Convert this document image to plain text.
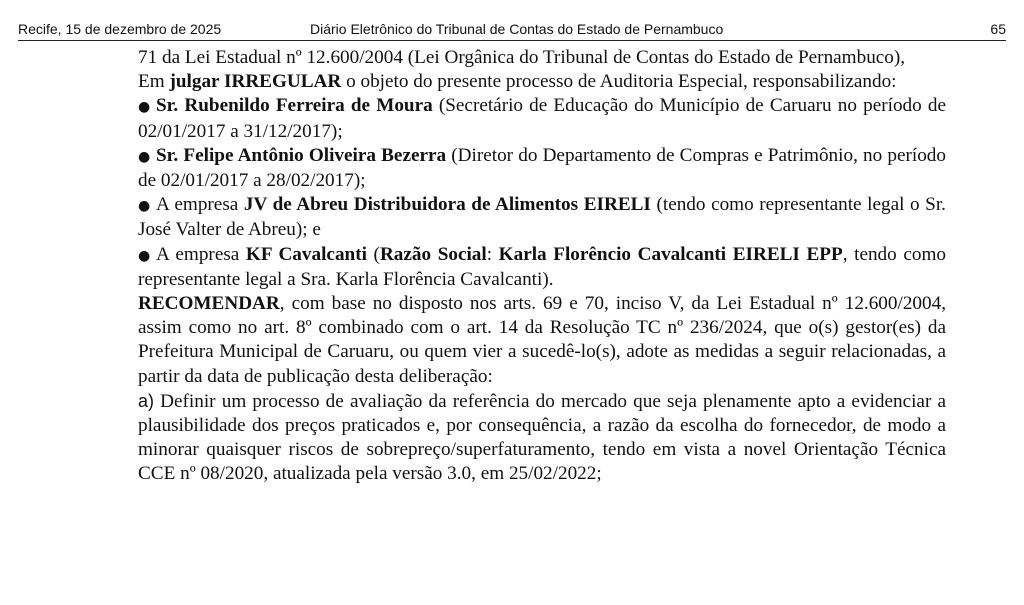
Recife, 15 de dezembro de 2025	Diário Eletrônico do Tribunal de Contas do Estado de Pernambuco	65

71 da Lei Estadual nº 12.600/2004 (Lei Orgânica do Tribunal de Contas do Estado de Pernambuco),

Em julgar IRREGULAR o objeto do presente processo de Auditoria Especial, responsabilizando:

● Sr. Rubenildo Ferreira de Moura (Secretário de Educação do Município de Caruaru no período de 02/01/2017 a 31/12/2017);

● Sr. Felipe Antônio Oliveira Bezerra (Diretor do Departamento de Compras e Patrimônio, no período de 02/01/2017 a 28/02/2017);

● A empresa JV de Abreu Distribuidora de Alimentos EIRELI (tendo como representante legal o Sr. José Valter de Abreu); e

● A empresa KF Cavalcanti (Razão Social: Karla Florêncio Cavalcanti EIRELI EPP, tendo como representante legal a Sra. Karla Florência Cavalcanti).

RECOMENDAR, com base no disposto nos arts. 69 e 70, inciso V, da Lei Estadual nº 12.600/2004, assim como no art. 8º combinado com o art. 14 da Resolução TC nº 236/2024, que o(s) gestor(es) da Prefeitura Municipal de Caruaru, ou quem vier a sucedê-lo(s), adote as medidas a seguir relacionadas, a partir da data de publicação desta deliberação:

a) Definir um processo de avaliação da referência do mercado que seja plenamente apto a evidenciar a plausibilidade dos preços praticados e, por consequência, a razão da escolha do fornecedor, de modo a minorar quaisquer riscos de sobrepreço/superfaturamento, tendo em vista a novel Orientação Técnica CCE nº 08/2020, atualizada pela versão 3.0, em 25/02/2022;
